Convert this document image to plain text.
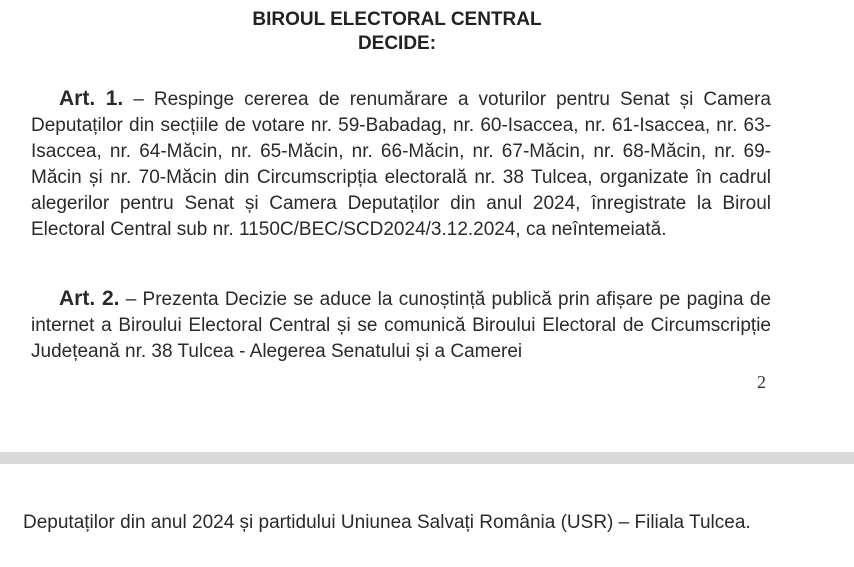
BIROUL ELECTORAL CENTRAL
DECIDE:
Art. 1. – Respinge cererea de renumărare a voturilor pentru Senat și Camera Deputaților din secțiile de votare nr. 59-Babadag, nr. 60-Isaccea, nr. 61-Isaccea, nr. 63-Isaccea, nr. 64-Măcin, nr. 65-Măcin, nr. 66-Măcin, nr. 67-Măcin, nr. 68-Măcin, nr. 69-Măcin și nr. 70-Măcin din Circumscripția electorală nr. 38 Tulcea, organizate în cadrul alegerilor pentru Senat și Camera Deputaților din anul 2024, înregistrate la Biroul Electoral Central sub nr. 1150C/BEC/SCD2024/3.12.2024, ca neîntemeiată.
Art. 2. – Prezenta Decizie se aduce la cunoștință publică prin afișare pe pagina de internet a Biroului Electoral Central și se comunică Biroului Electoral de Circumscripție Județeană nr. 38 Tulcea - Alegerea Senatului și a Camerei
2
Deputaților din anul 2024 și partidului Uniunea Salvați România (USR) – Filiala Tulcea.
